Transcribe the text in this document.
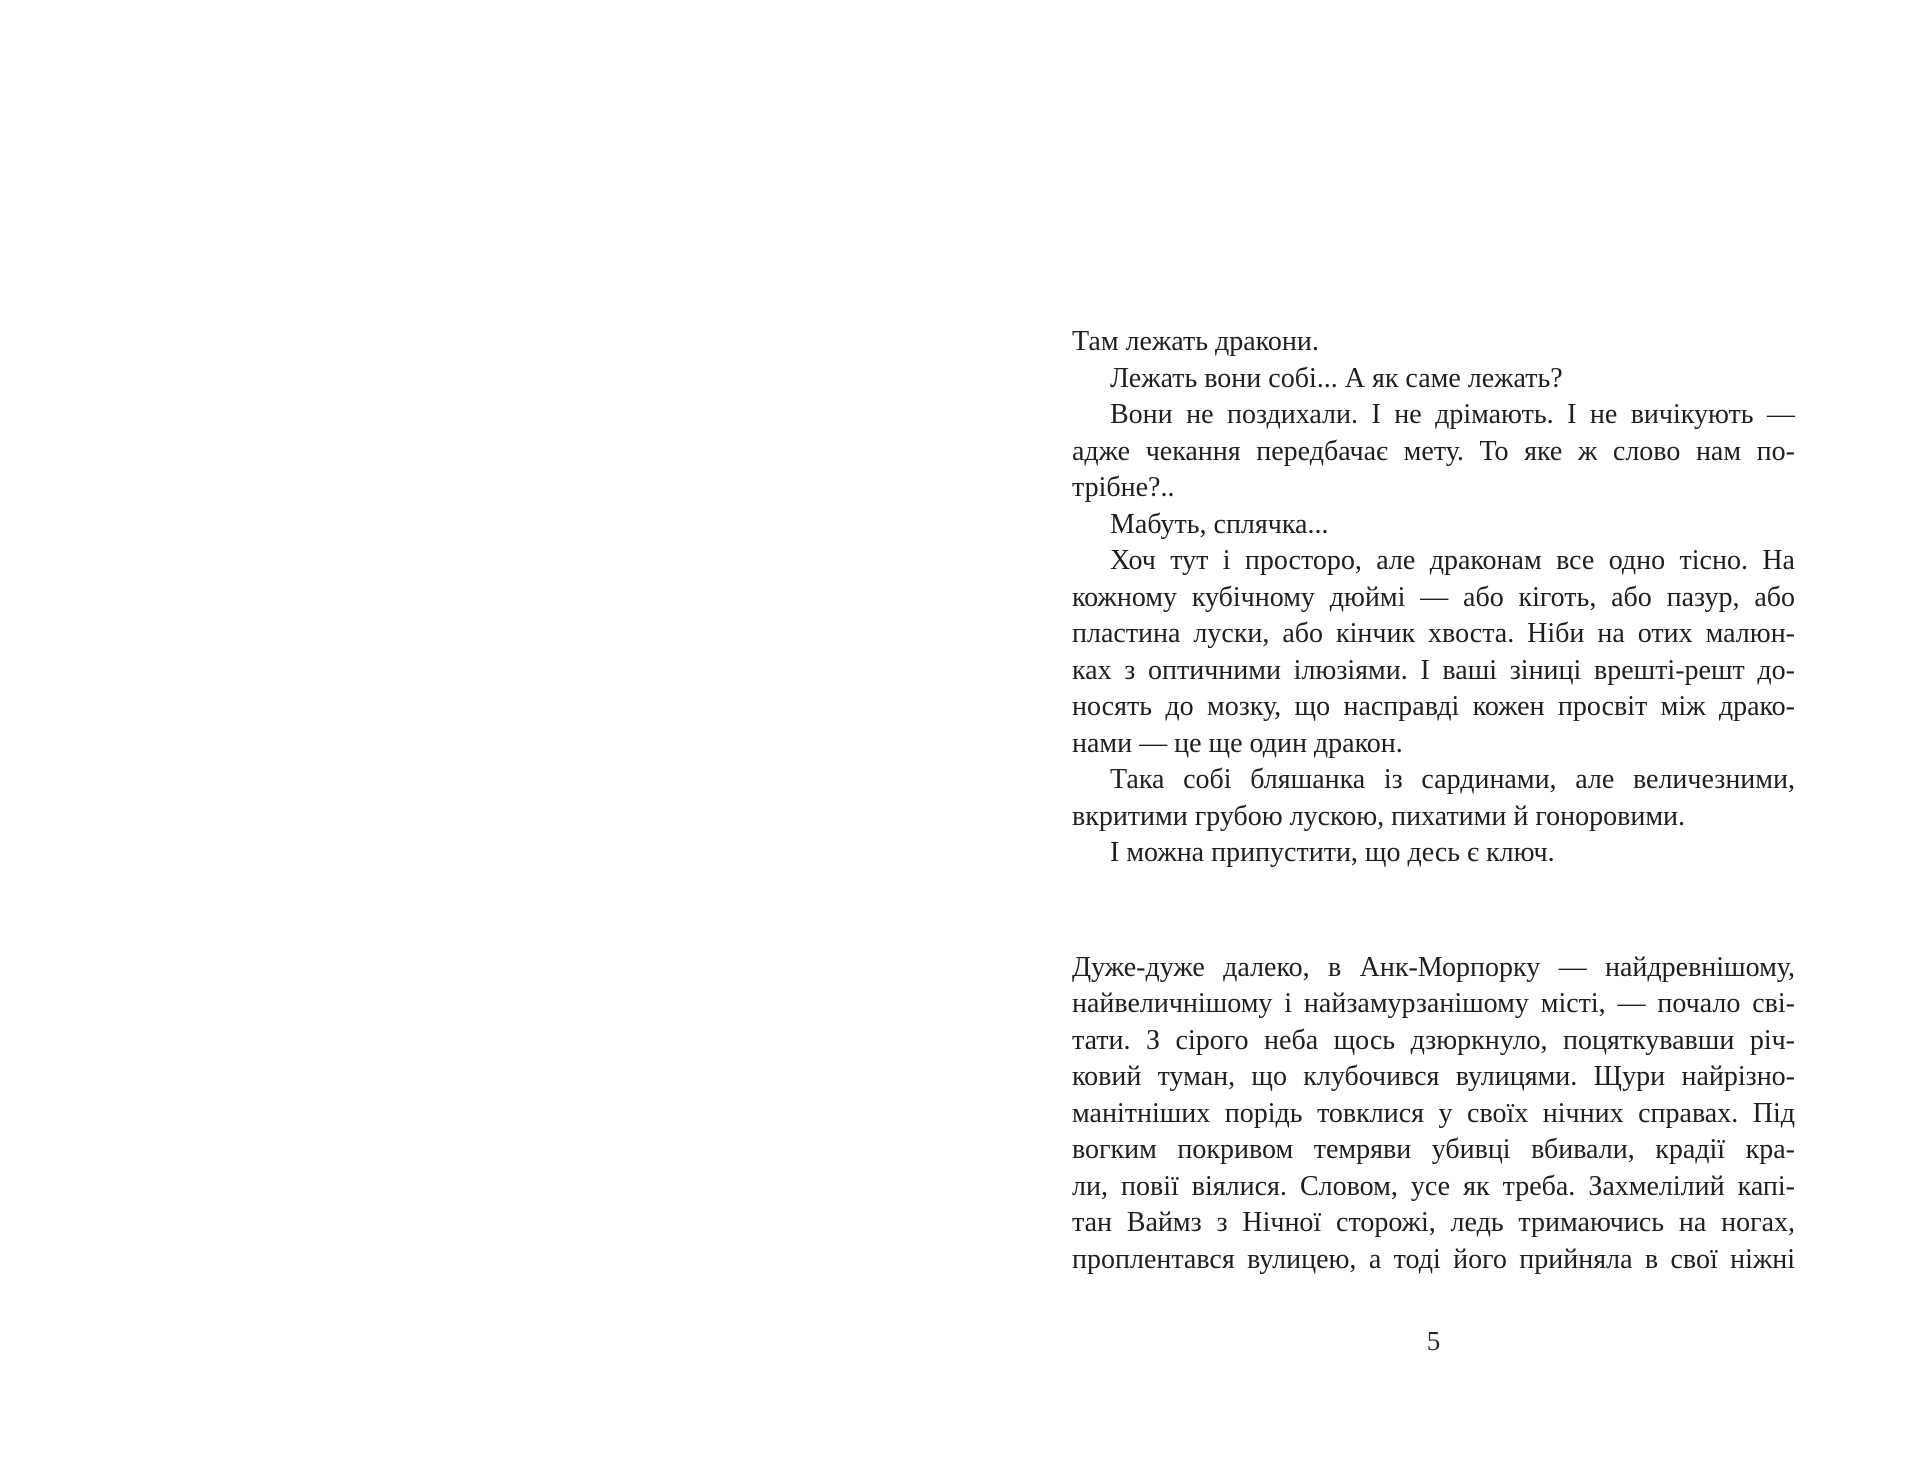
Там лежать дракони.
Лежать вони собі... А як саме лежать?
Вони не поздихали. І не дрімають. І не вичікують —
адже чекання передбачає мету. То яке ж слово нам по-
трібне?..
Мабуть, сплячка...
Хоч тут і просторо, але драконам все одно тісно. На
кожному кубічному дюймі — або кіготь, або пазур, або
пластина луски, або кінчик хвоста. Ніби на отих малюн-
ках з оптичними ілюзіями. І ваші зіниці врешті-решт до-
носять до мозку, що насправді кожен просвіт між драко-
нами — це ще один дракон.
Така собі бляшанка із сардинами, але величезними,
вкритими грубою лускою, пихатими й гоноровими.
І можна припустити, що десь є ключ.
Дуже-дуже далеко, в Анк-Морпорку — найдревнішому,
найвеличнішому і найзамурзанішому місті, — почало сві-
тати. З сірого неба щось дзюркнуло, поцяткувавши річ-
ковий туман, що клубочився вулицями. Щури найрізно-
манітніших порідь товклися у своїх нічних справах. Під
вогким покривом темряви убивці вбивали, крадії кра-
ли, повії віялися. Словом, усе як треба. Захмелілий капі-
тан Ваймз з Нічної сторожі, ледь тримаючись на ногах,
проплентався вулицею, а тоді його прийняла в свої ніжні
5
